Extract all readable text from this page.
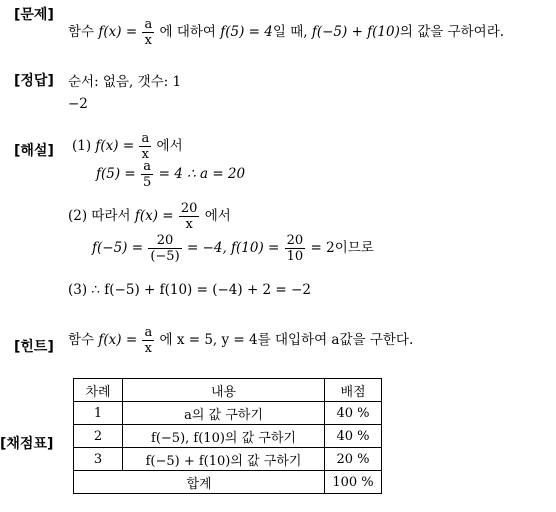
[문제]
함수 $f(x) = \frac{a}{x}$ 에 대하여 f(5) = 4일 때, f(−5) + f(10)의 값을 구하여라.
[정답] 순서: 없음, 갯수: 1
−2
[해설] (1) $f(x) = \frac{a}{x}$ 에서
$f(5) = \frac{a}{5} = 4$ ∴ a = 20
(2) 따라서 $f(x) = \frac{20}{x}$ 에서
$f(-5) = \frac{20}{(-5)} = -4$, $f(10) = \frac{20}{10} = 2$이므로
(3) ∴ f(−5) + f(10) = (−4) + 2 = −2
[힌트] 함수 $f(x) = \frac{a}{x}$ 에 x = 5, y = 4를 대입하여 a값을 구한다.
[채점표]
차례	내용	배점
1	a의 값 구하기	40 %
2	f(−5), f(10)의 값 구하기	40 %
3	f(−5) + f(10)의 값 구하기	20 %
합계		100 %
